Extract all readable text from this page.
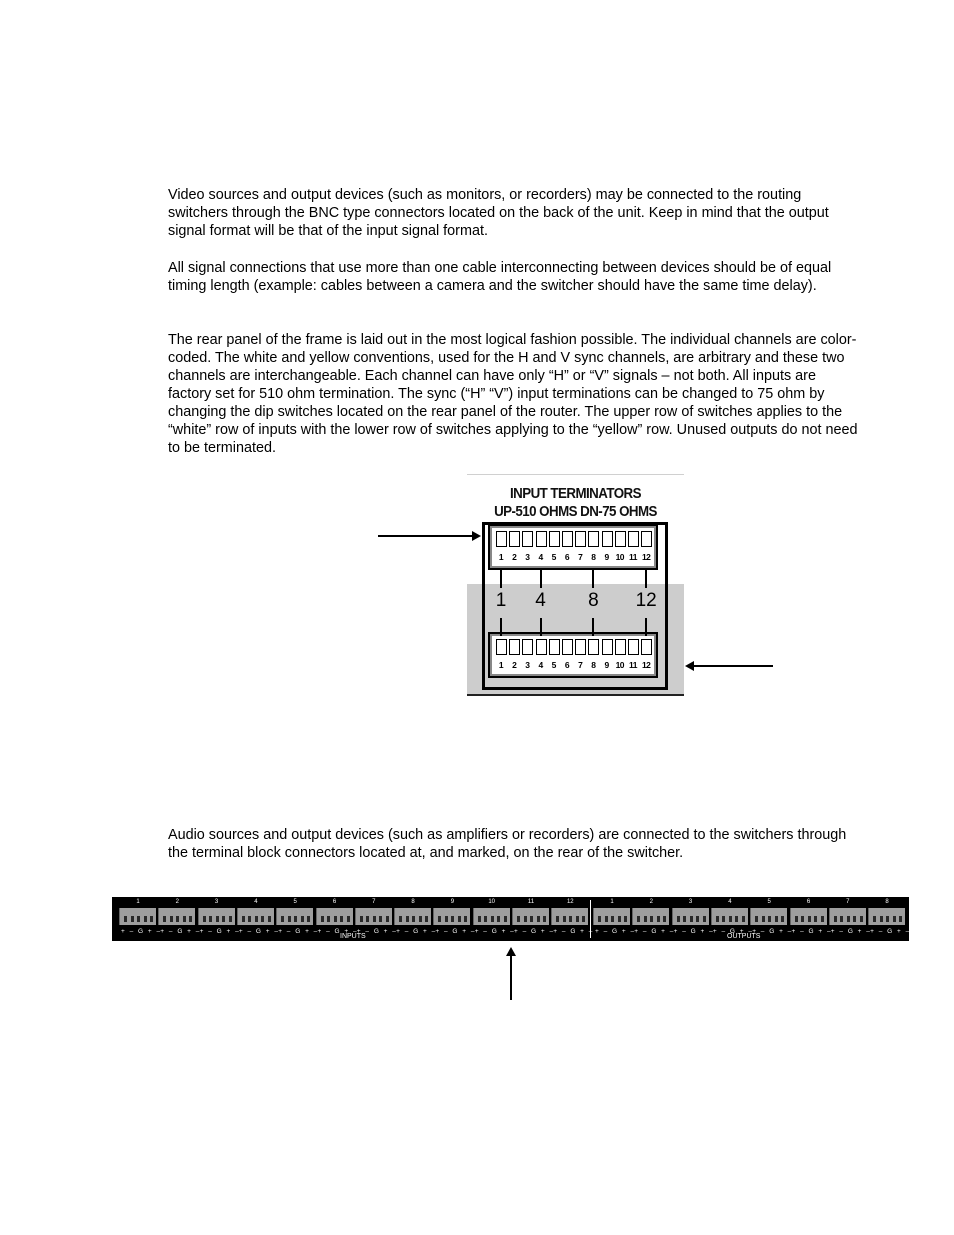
Video sources and output devices (such as monitors, or recorders) may be connected to the routing switchers through the BNC type connectors located on the back of the unit. Keep in mind that the output signal format will be that of the input signal format.

All signal connections that use more than one cable interconnecting between devices should be of equal timing length (example: cables between a camera and the switcher should have the same time delay).

The rear panel of the frame is laid out in the most logical fashion possible. The individual channels are color-coded. The white and yellow conventions, used for the H and V sync channels, are arbitrary and these two channels are interchangeable. Each channel can have only “H” or “V” signals – not both. All inputs are factory set for 510 ohm termination. The sync (“H” “V”) input terminations can be changed to 75 ohm by changing the dip switches located on the rear panel of the router. The upper row of switches applies to the “white” row of inputs with the lower row of switches applying to the “yellow” row. Unused outputs do not need to be terminated.

INPUT TERMINATORS
UP-510 OHMS DN-75 OHMS
1	2	3	4	5	6	7	8	9 10 11 12
1	2	3	4	5	6	7	8	9 10 11 12
1	4	8	12

Audio sources and output devices (such as amplifiers or recorders) are connected to the switchers through the terminal block connectors located at, and marked, on the rear of the switcher.

INPUTS	OUTPUTS
1
+ – G + –
2
+ – G + –
3
+ – G + –
4
+ – G + –
5
+ – G + –
6
+ – G + –
7
+ – G + –
8
+ – G + –
9
+ – G + –
10
+ – G + –
11
+ – G + –
12
+ – G + –
1
+ – G + –
2
+ – G + –
3
+ – G + –
4
+ – G + –
5
+ – G + –
6
+ – G + –
7
+ – G + –
8
+ – G + –
